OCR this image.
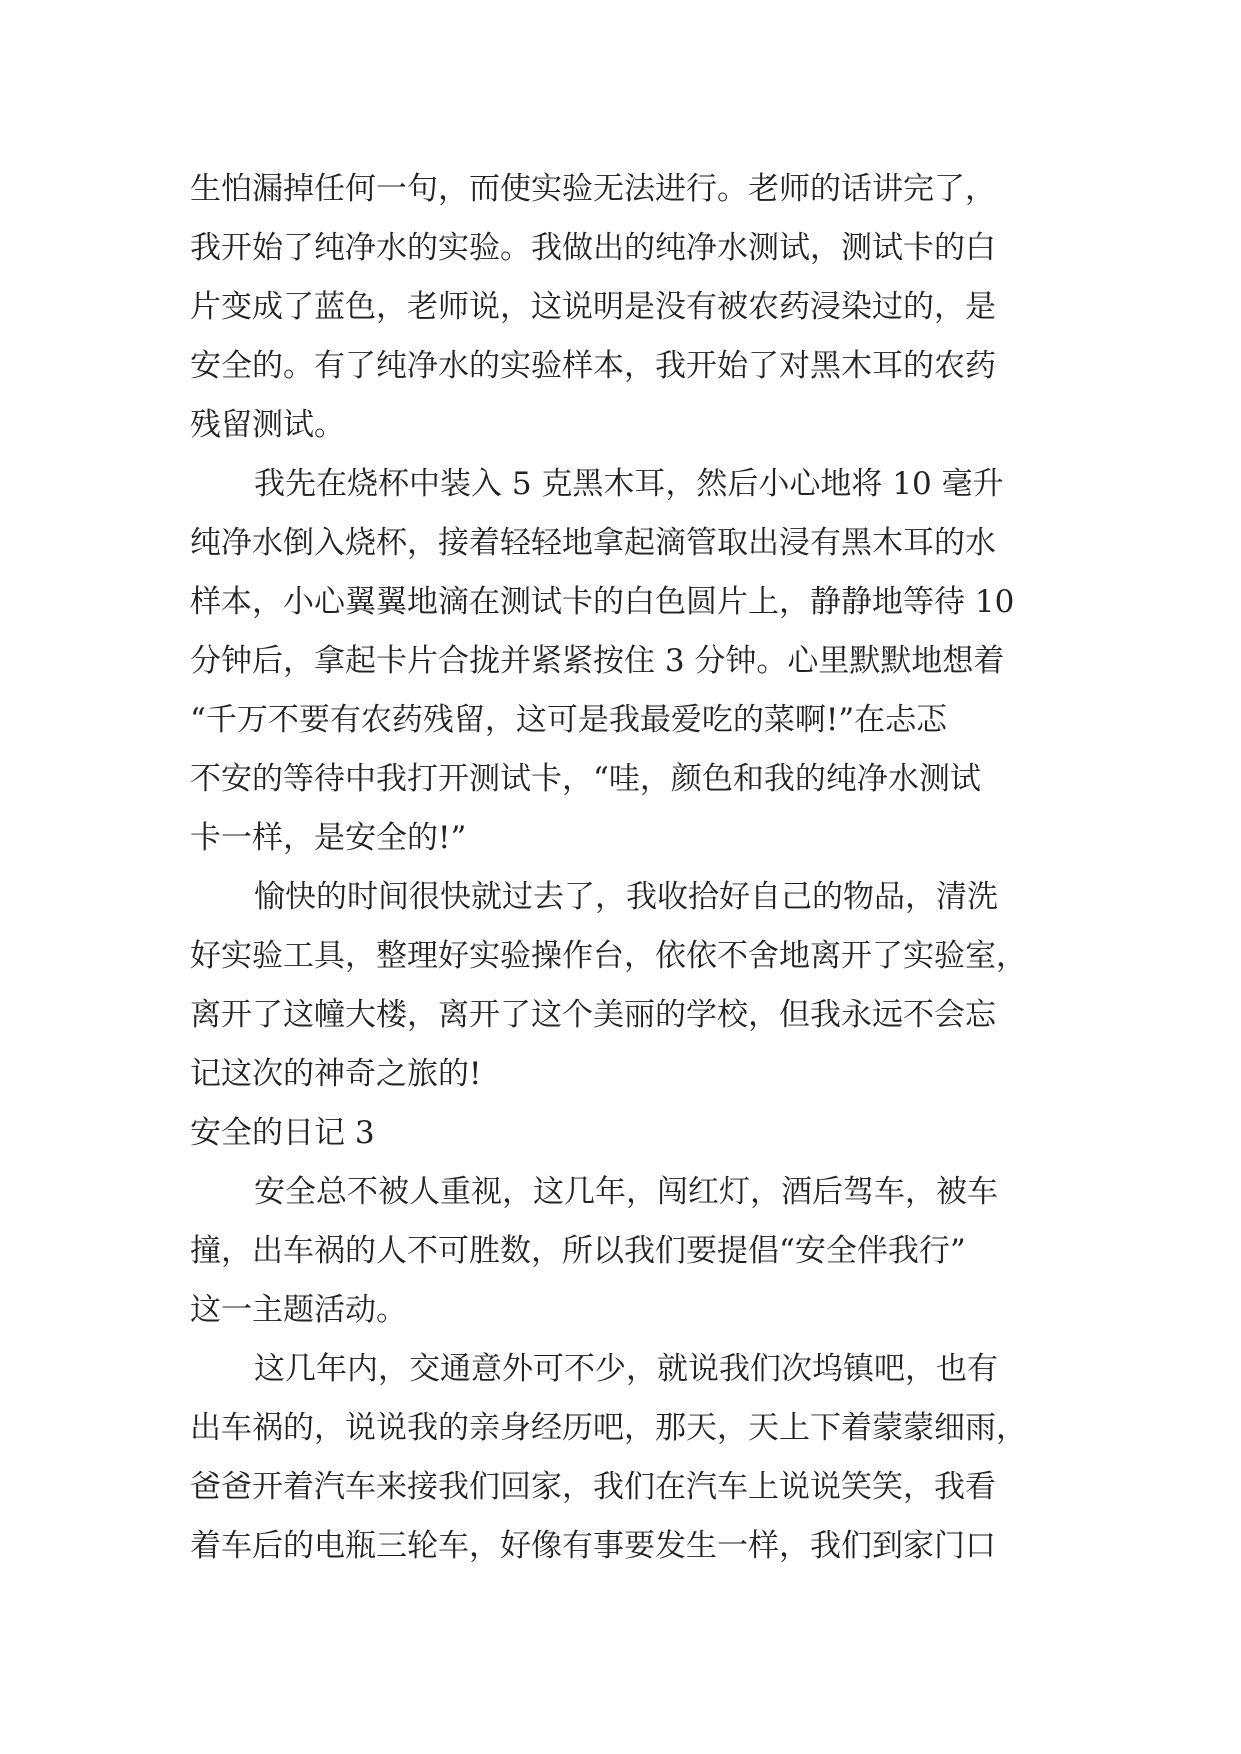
生怕漏掉任何一句，而使实验无法进行。老师的话讲完了，
我开始了纯净水的实验。我做出的纯净水测试，测试卡的白
片变成了蓝色，老师说，这说明是没有被农药浸染过的，是
安全的。有了纯净水的实验样本，我开始了对黑木耳的农药
残留测试。
我先在烧杯中装入 5 克黑木耳，然后小心地将 10 毫升
纯净水倒入烧杯，接着轻轻地拿起滴管取出浸有黑木耳的水
样本，小心翼翼地滴在测试卡的白色圆片上，静静地等待 10
分钟后，拿起卡片合拢并紧紧按住 3 分钟。心里默默地想着
“千万不要有农药残留，这可是我最爱吃的菜啊!”在忐忑
不安的等待中我打开测试卡，“哇，颜色和我的纯净水测试
卡一样，是安全的!”
愉快的时间很快就过去了，我收拾好自己的物品，清洗
好实验工具，整理好实验操作台，依依不舍地离开了实验室，
离开了这幢大楼，离开了这个美丽的学校，但我永远不会忘
记这次的神奇之旅的!
安全的日记 3
安全总不被人重视，这几年，闯红灯，酒后驾车，被车
撞，出车祸的人不可胜数，所以我们要提倡“安全伴我行”
这一主题活动。
这几年内，交通意外可不少，就说我们次坞镇吧，也有
出车祸的，说说我的亲身经历吧，那天，天上下着蒙蒙细雨，
爸爸开着汽车来接我们回家，我们在汽车上说说笑笑，我看
着车后的电瓶三轮车，好像有事要发生一样，我们到家门口
